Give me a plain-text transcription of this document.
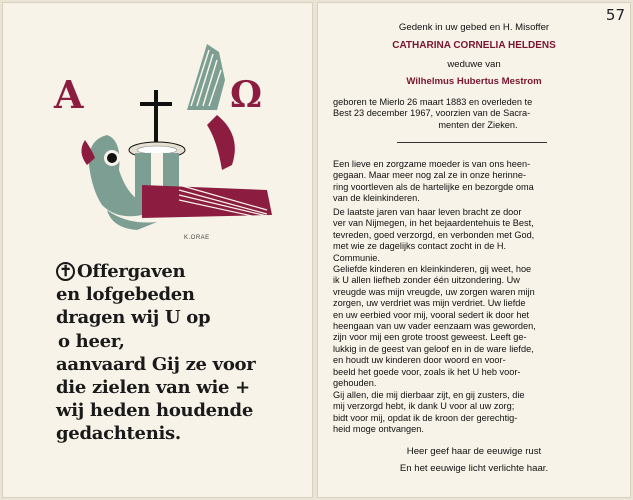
A	Ω
K.ORAE
✝ Offergaven
en lofgebeden
dragen wij U op
o heer,
aanvaard Gij ze voor
die zielen van wie +
wij heden houdende
gedachtenis.
57
Gedenk in uw gebed en H. Misoffer
CATHARINA CORNELIA HELDENS
weduwe van
Wilhelmus Hubertus Mestrom
geboren te Mierlo 26 maart 1883 en overleden te
Best 23 december 1967, voorzien van de Sacra-
menten der Zieken.
Een lieve en zorgzame moeder is van ons heen-
gegaan. Maar meer nog zal ze in onze herinne-
ring voortleven als de hartelijke en bezorgde oma
van de kleinkinderen.
De laatste jaren van haar leven bracht ze door
ver van Nijmegen, in het bejaardentehuis te Best,
tevreden, goed verzorgd, en verbonden met God,
met wie ze dagelijks contact zocht in de H.
Communie.
Geliefde kinderen en kleinkinderen, gij weet, hoe
ik U allen liefheb zonder één uitzondering. Uw
vreugde was mijn vreugde, uw zorgen waren mijn
zorgen, uw verdriet was mijn verdriet. Uw liefde
en uw eerbied voor mij, vooral sedert ik door het
heengaan van uw vader eenzaam was geworden,
zijn voor mij een grote troost geweest. Leeft ge-
lukkig in de geest van geloof en in de ware liefde,
en houdt uw kinderen door woord en voor-
beeld het goede voor, zoals ik het U heb voor-
gehouden.
Gij allen, die mij dierbaar zijt, en gij zusters, die
mij verzorgd hebt, ik dank U voor al uw zorg;
bidt voor mij, opdat ik de kroon der gerechtig-
heid moge ontvangen.
Heer geef haar de eeuwige rust
En het eeuwige licht verlichte haar.
